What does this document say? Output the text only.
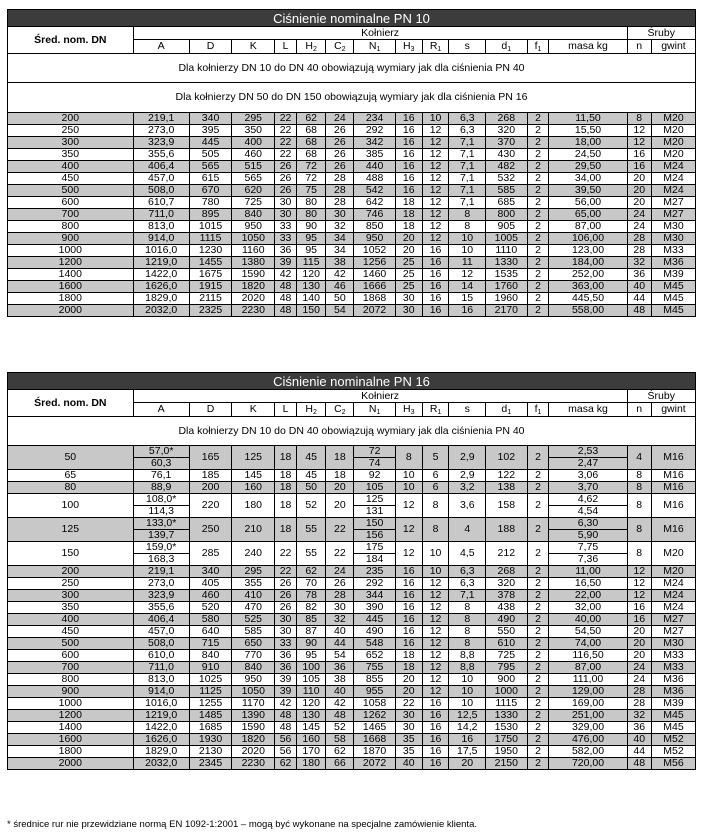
Ciśnienie nominalne PN 10															
Śred. nom. DN	Kołnierz													Śruby	
	A	D	K	L	$H_2$	$C_2$	$N_1$	$H_3$	$R_1$	s	$d_1$	$f_1$	masa kg	n	gwint
Dla kołnierzy DN 10 do DN 40 obowiązują wymiary jak dla ciśnienia PN 40															
Dla kołnierzy DN 50 do DN 150 obowiązują wymiary jak dla ciśnienia PN 16															
200	219,1	340	295	22	62	24	234	16	10	6,3	268	2	11,50	8	M20
250	273,0	395	350	22	68	26	292	16	12	6,3	320	2	15,50	12	M20
300	323,9	445	400	22	68	26	342	16	12	7,1	370	2	18,00	12	M20
350	355,6	505	460	22	68	26	385	16	12	7,1	430	2	24,50	16	M20
400	406,4	565	515	26	72	26	440	16	12	7,1	482	2	29,50	16	M24
450	457,0	615	565	26	72	28	488	16	12	7,1	532	2	34,00	20	M24
500	508,0	670	620	26	75	28	542	16	12	7,1	585	2	39,50	20	M24
600	610,7	780	725	30	80	28	642	18	12	7,1	685	2	56,00	20	M27
700	711,0	895	840	30	80	30	746	18	12	8	800	2	65,00	24	M27
800	813,0	1015	950	33	90	32	850	18	12	8	905	2	87,00	24	M30
900	914,0	1115	1050	33	95	34	950	20	12	10	1005	2	106,00	28	M30
1000	1016,0	1230	1160	36	95	34	1052	20	16	10	1110	2	123,00	28	M33
1200	1219,0	1455	1380	39	115	38	1256	25	16	11	1330	2	184,00	32	M36
1400	1422,0	1675	1590	42	120	42	1460	25	16	12	1535	2	252,00	36	M39
1600	1626,0	1915	1820	48	130	46	1666	25	16	14	1760	2	363,00	40	M45
1800	1829,0	2115	2020	48	140	50	1868	30	16	15	1960	2	445,50	44	M45
2000	2032,0	2325	2230	48	150	54	2072	30	16	16	2170	2	558,00	48	M45
Ciśnienie nominalne PN 16															
Śred. nom. DN	Kołnierz													Śruby	
	A	D	K	L	$H_2$	$C_2$	$N_1$	$H_3$	$R_1$	s	$d_1$	$f_1$	masa kg	n	gwint
Dla kołnierzy DN 10 do DN 40 obowiązują wymiary jak dla ciśnienia PN 40															
50	57,0*	165	125	18	45	18	72	8	5	2,9	102	2	2,53	4	M16
	60,3						74						2,47		
65	76,1	185	145	18	45	18	92	10	6	2,9	122	2	3,06	8	M16
80	88,9	200	160	18	50	20	105	10	6	3,2	138	2	3,70	8	M16
100	108,0*	220	180	18	52	20	125	12	8	3,6	158	2	4,62	8	M16
	114,3						131						4,54		
125	133,0*	250	210	18	55	22	150	12	8	4	188	2	6,30	8	M16
	139,7						156						5,90		
150	159,0*	285	240	22	55	22	175	12	10	4,5	212	2	7,75	8	M20
	168,3						184						7,36		
200	219,1	340	295	22	62	24	235	16	10	6,3	268	2	11,00	12	M20
250	273,0	405	355	26	70	26	292	16	12	6,3	320	2	16,50	12	M24
300	323,9	460	410	26	78	28	344	16	12	7,1	378	2	22,00	12	M24
350	355,6	520	470	26	82	30	390	16	12	8	438	2	32,00	16	M24
400	406,4	580	525	30	85	32	445	16	12	8	490	2	40,00	16	M27
450	457,0	640	585	30	87	40	490	16	12	8	550	2	54,50	20	M27
500	508,0	715	650	33	90	44	548	16	12	8	610	2	74,00	20	M30
600	610,0	840	770	36	95	54	652	18	12	8,8	725	2	116,50	20	M33
700	711,0	910	840	36	100	36	755	18	12	8,8	795	2	87,00	24	M33
800	813,0	1025	950	39	105	38	855	20	12	10	900	2	111,00	24	M36
900	914,0	1125	1050	39	110	40	955	20	12	10	1000	2	129,00	28	M36
1000	1016,0	1255	1170	42	120	42	1058	22	16	10	1115	2	169,00	28	M39
1200	1219,0	1485	1390	48	130	48	1262	30	16	12,5	1330	2	251,00	32	M45
1400	1422,0	1685	1590	48	145	52	1465	30	16	14,2	1530	2	329,00	36	M45
1600	1626,0	1930	1820	56	160	58	1668	35	16	16	1750	2	476,00	40	M52
1800	1829,0	2130	2020	56	170	62	1870	35	16	17,5	1950	2	582,00	44	M52
2000	2032,0	2345	2230	62	180	66	2072	40	16	20	2150	2	720,00	48	M56
* średnice rur nie przewidziane normą EN 1092-1:2001 – mogą być wykonane na specjalne zamówienie klienta.
